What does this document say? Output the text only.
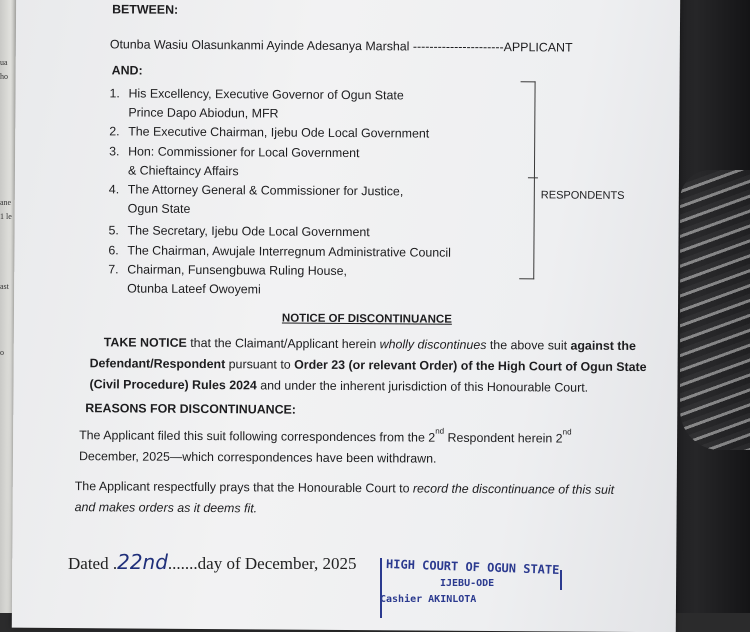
ua
ho
ane
1 le
ast
o
BETWEEN:
Otunba Wasiu Olasunkanmi Ayinde Adesanya Marshal ----------------------APPLICANT
AND:
1. His Excellency, Executive Governor of Ogun State
Prince Dapo Abiodun, MFR
2. The Executive Chairman, Ijebu Ode Local Government
3. Hon: Commissioner for Local Government
& Chieftaincy Affairs
4. The Attorney General & Commissioner for Justice,
Ogun State
5. The Secretary, Ijebu Ode Local Government
6. The Chairman, Awujale Interregnum Administrative Council
7. Chairman, Funsengbuwa Ruling House,
Otunba Lateef Owoyemi
RESPONDENTS
NOTICE OF DISCONTINUANCE
TAKE NOTICE that the Claimant/Applicant herein wholly discontinues the above suit against the
Defendant/Respondent pursuant to Order 23 (or relevant Order) of the High Court of Ogun State
(Civil Procedure) Rules 2024 and under the inherent jurisdiction of this Honourable Court.
REASONS FOR DISCONTINUANCE:
The Applicant filed this suit following correspondences from the 2nd Respondent herein 2nd
December, 2025—which correspondences have been withdrawn.
The Applicant respectfully prays that the Honourable Court to record the discontinuance of this suit
and makes orders as it deems fit.
Dated .22nd.......day of December, 2025 HIGH COURT OF OGUN STATE
IJEBU-ODE
Cashier AKINLOTA
